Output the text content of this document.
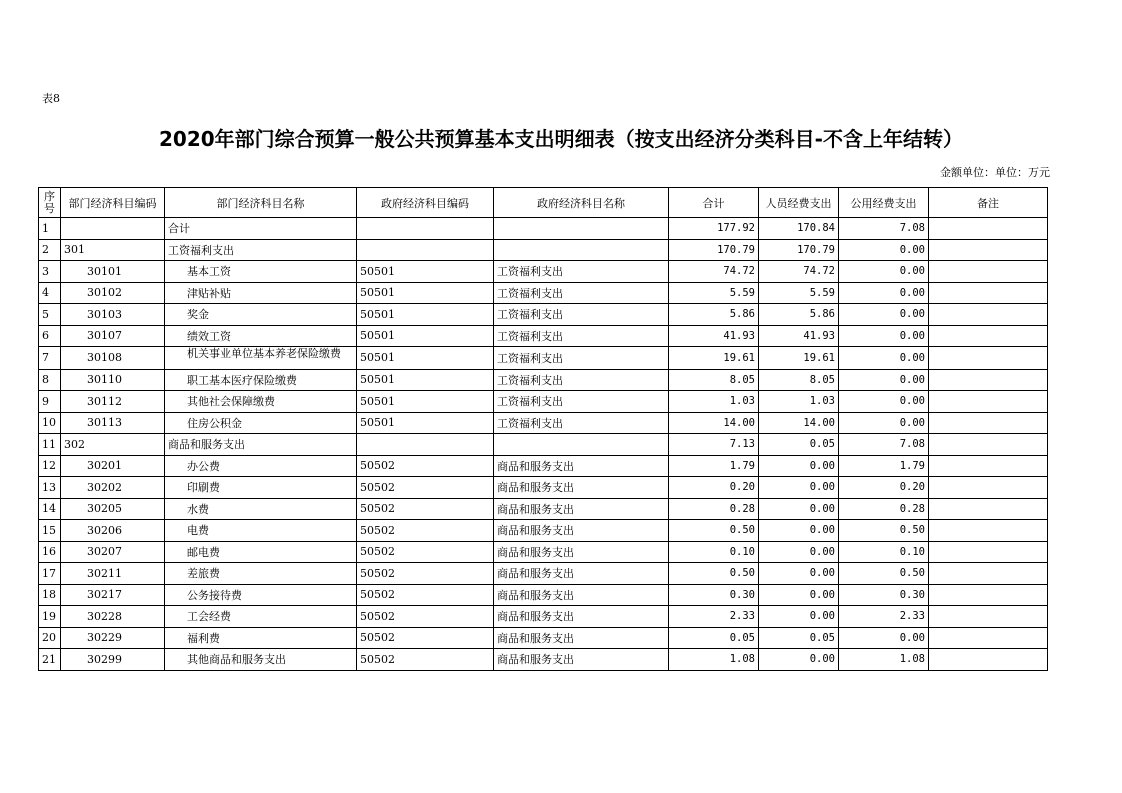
表8
2020年部门综合预算一般公共预算基本支出明细表（按支出经济分类科目-不含上年结转）
金额单位：单位：万元
序号	部门经济科目编码	部门经济科目名称	政府经济科目编码	政府经济科目名称	合计	人员经费支出	公用经费支出	备注
1		合计			177.92	170.84	7.08	
2	301	工资福利支出			170.79	170.79	0.00	
3	30101	基本工资	50501	工资福利支出	74.72	74.72	0.00	
4	30102	津贴补贴	50501	工资福利支出	5.59	5.59	0.00	
5	30103	奖金	50501	工资福利支出	5.86	5.86	0.00	
6	30107	绩效工资	50501	工资福利支出	41.93	41.93	0.00	
7	30108	机关事业单位基本养老保险缴费	50501	工资福利支出	19.61	19.61	0.00	
8	30110	职工基本医疗保险缴费	50501	工资福利支出	8.05	8.05	0.00	
9	30112	其他社会保障缴费	50501	工资福利支出	1.03	1.03	0.00	
10	30113	住房公积金	50501	工资福利支出	14.00	14.00	0.00	
11	302	商品和服务支出			7.13	0.05	7.08	
12	30201	办公费	50502	商品和服务支出	1.79	0.00	1.79	
13	30202	印刷费	50502	商品和服务支出	0.20	0.00	0.20	
14	30205	水费	50502	商品和服务支出	0.28	0.00	0.28	
15	30206	电费	50502	商品和服务支出	0.50	0.00	0.50	
16	30207	邮电费	50502	商品和服务支出	0.10	0.00	0.10	
17	30211	差旅费	50502	商品和服务支出	0.50	0.00	0.50	
18	30217	公务接待费	50502	商品和服务支出	0.30	0.00	0.30	
19	30228	工会经费	50502	商品和服务支出	2.33	0.00	2.33	
20	30229	福利费	50502	商品和服务支出	0.05	0.05	0.00	
21	30299	其他商品和服务支出	50502	商品和服务支出	1.08	0.00	1.08	
